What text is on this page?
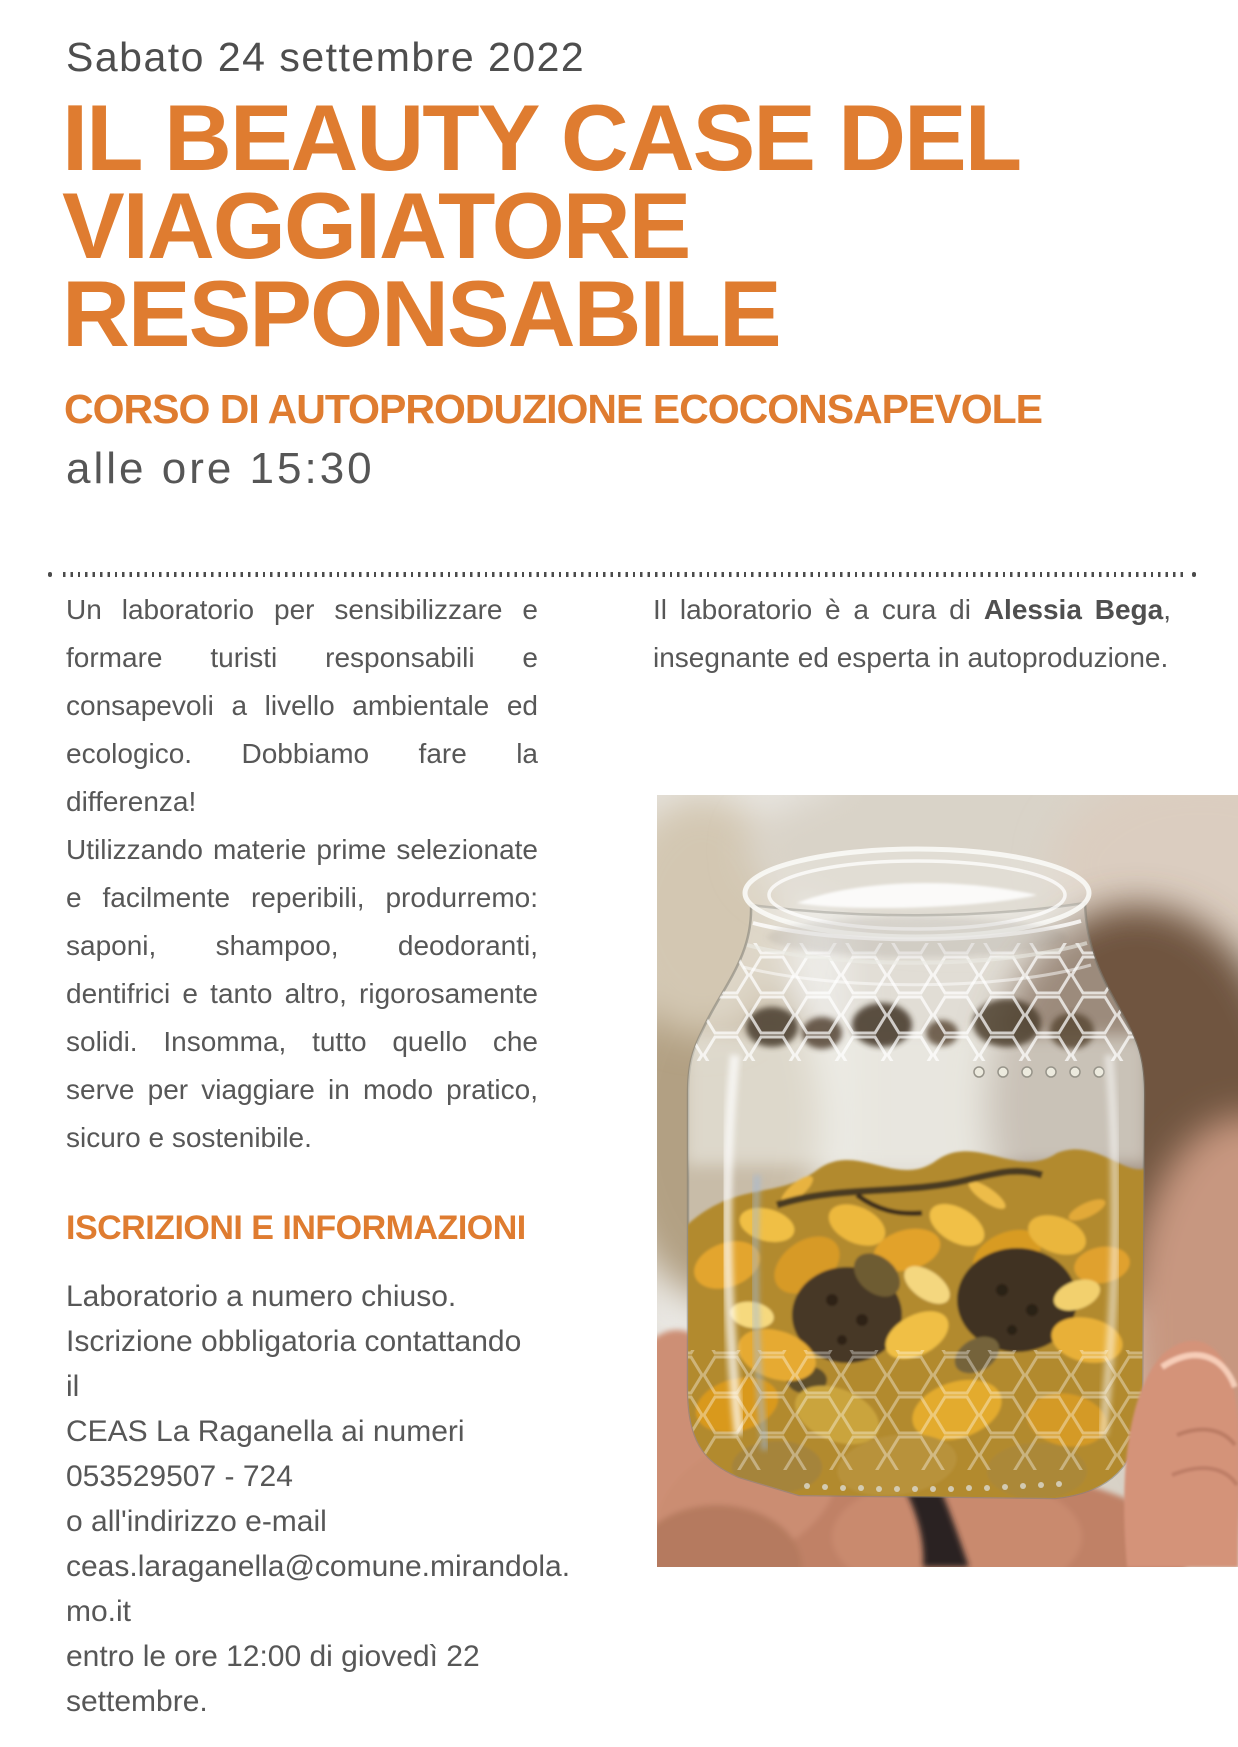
Sabato 24 settembre 2022
IL BEAUTY CASE DEL
VIAGGIATORE
RESPONSABILE
CORSO DI AUTOPRODUZIONE ECOCONSAPEVOLE
alle ore 15:30

Un laboratorio per sensibilizzare e formare turisti responsabili e consapevoli a livello ambientale ed ecologico. Dobbiamo fare la differenza!

Utilizzando materie prime selezionate e facilmente reperibili, produrremo: saponi, shampoo, deodoranti, dentifrici e tanto altro, rigorosamente solidi. Insomma, tutto quello che serve per viaggiare in modo pratico, sicuro e sostenibile.

ISCRIZIONI E INFORMAZIONI
Laboratorio a numero chiuso.
Iscrizione obbligatoria contattando il
CEAS La Raganella ai numeri
053529507 - 724
o all'indirizzo e-mail
ceas.laraganella@comune.mirandola.
mo.it
entro le ore 12:00 di giovedì 22
settembre.

Il laboratorio è a cura di Alessia Bega, insegnante ed esperta in autoproduzione.
